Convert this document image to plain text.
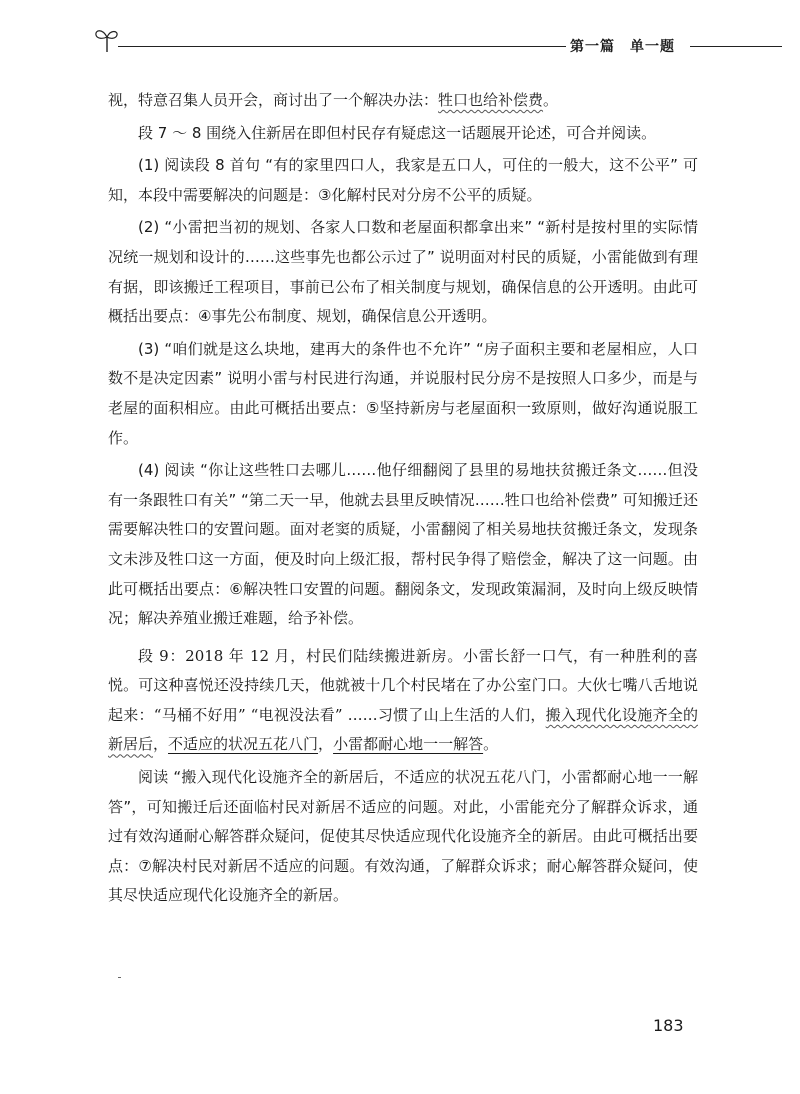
第一篇　单一题

视，特意召集人员开会，商讨出了一个解决办法：牲口也给补偿费。

段 7 ～ 8 围绕入住新居在即但村民存有疑虑这一话题展开论述，可合并阅读。

(1) 阅读段 8 首句 “有的家里四口人，我家是五口人，可住的一般大，这不公平” 可知，本段中需要解决的问题是：③化解村民对分房不公平的质疑。

(2) “小雷把当初的规划、各家人口数和老屋面积都拿出来” “新村是按村里的实际情况统一规划和设计的……这些事先也都公示过了” 说明面对村民的质疑，小雷能做到有理有据，即该搬迁工程项目，事前已公布了相关制度与规划，确保信息的公开透明。由此可概括出要点：④事先公布制度、规划，确保信息公开透明。

(3) “咱们就是这么块地，建再大的条件也不允许” “房子面积主要和老屋相应，人口数不是决定因素” 说明小雷与村民进行沟通，并说服村民分房不是按照人口多少，而是与老屋的面积相应。由此可概括出要点：⑤坚持新房与老屋面积一致原则，做好沟通说服工作。

(4) 阅读 “你让这些牲口去哪儿……他仔细翻阅了县里的易地扶贫搬迁条文……但没有一条跟牲口有关” “第二天一早，他就去县里反映情况……牲口也给补偿费” 可知搬迁还需要解决牲口的安置问题。面对老窦的质疑，小雷翻阅了相关易地扶贫搬迁条文，发现条文未涉及牲口这一方面，便及时向上级汇报，帮村民争得了赔偿金，解决了这一问题。由此可概括出要点：⑥解决牲口安置的问题。翻阅条文，发现政策漏洞，及时向上级反映情况；解决养殖业搬迁难题，给予补偿。

段 9：2018 年 12 月，村民们陆续搬进新房。小雷长舒一口气，有一种胜利的喜悦。可这种喜悦还没持续几天，他就被十几个村民堵在了办公室门口。大伙七嘴八舌地说起来：“马桶不好用” “电视没法看” ……习惯了山上生活的人们，搬入现代化设施齐全的新居后，不适应的状况五花八门，小雷都耐心地一一解答。

阅读 “搬入现代化设施齐全的新居后，不适应的状况五花八门，小雷都耐心地一一解答”，可知搬迁后还面临村民对新居不适应的问题。对此，小雷能充分了解群众诉求，通过有效沟通耐心解答群众疑问，促使其尽快适应现代化设施齐全的新居。由此可概括出要点：⑦解决村民对新居不适应的问题。有效沟通，了解群众诉求；耐心解答群众疑问，使其尽快适应现代化设施齐全的新居。

183
